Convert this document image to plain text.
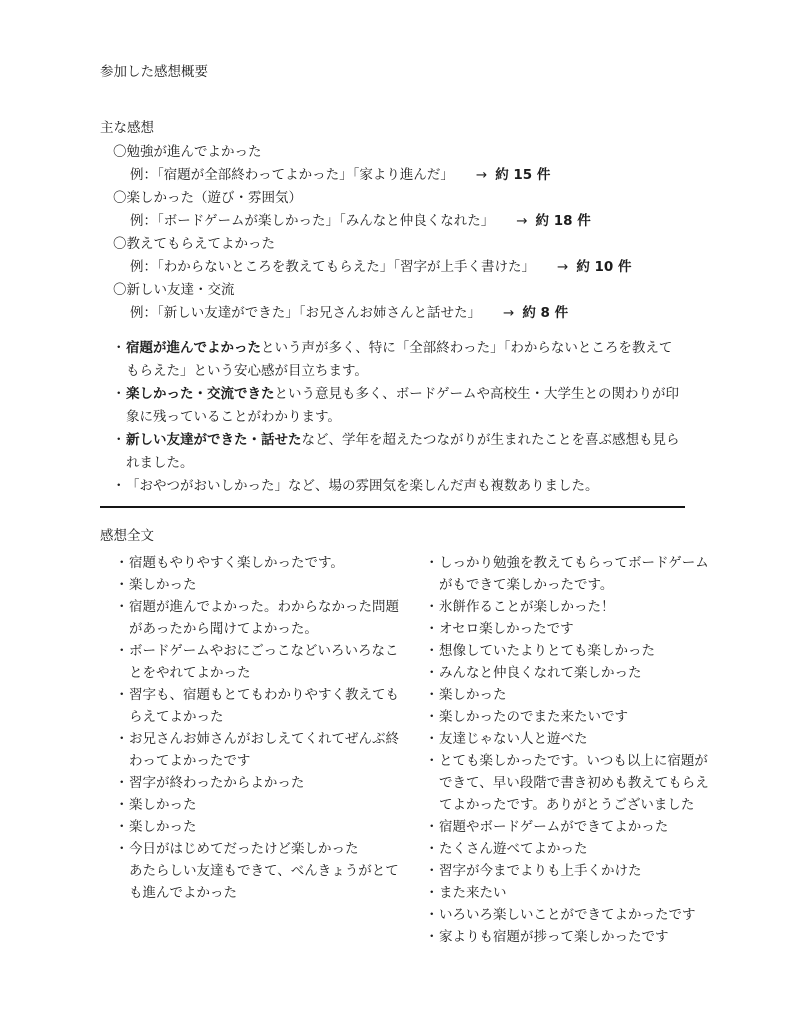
参加した感想概要
主な感想
〇勉強が進んでよかった
例：「宿題が全部終わってよかった」「家より進んだ」 → 約 15 件
〇楽しかった（遊び・雰囲気）
例：「ボードゲームが楽しかった」「みんなと仲良くなれた」 → 約 18 件
〇教えてもらえてよかった
例：「わからないところを教えてもらえた」「習字が上手く書けた」 → 約 10 件
〇新しい友達・交流
例：「新しい友達ができた」「お兄さんお姉さんと話せた」 → 約 8 件
・ 宿題が進んでよかったという声が多く、特に「全部終わった」「わからないところを教えてもらえた」という安心感が目立ちます。
・ 楽しかった・交流できたという意見も多く、ボードゲームや高校生・大学生との関わりが印象に残っていることがわかります。
・ 新しい友達ができた・話せたなど、学年を超えたつながりが生まれたことを喜ぶ感想も見られました。
・ 「おやつがおいしかった」など、場の雰囲気を楽しんだ声も複数ありました。
感想全文
・ 宿題もやりやすく楽しかったです。
・ 楽しかった
・ 宿題が進んでよかった。わからなかった問題があったから聞けてよかった。
・ ボードゲームやおにごっこなどいろいろなことをやれてよかった
・ 習字も、宿題もとてもわかりやすく教えてもらえてよかった
・ お兄さんお姉さんがおしえてくれてぜんぶ終わってよかったです
・ 習字が終わったからよかった
・ 楽しかった
・ 楽しかった
・ 今日がはじめてだったけど楽しかった
あたらしい友達もできて、べんきょうがとても進んでよかった
・ しっかり勉強を教えてもらってボードゲームがもできて楽しかったです。
・ 氷餅作ることが楽しかった！
・ オセロ楽しかったです
・ 想像していたよりとても楽しかった
・ みんなと仲良くなれて楽しかった
・ 楽しかった
・ 楽しかったのでまた来たいです
・ 友達じゃない人と遊べた
・ とても楽しかったです。いつも以上に宿題ができて、早い段階で書き初めも教えてもらえてよかったです。ありがとうございました
・ 宿題やボードゲームができてよかった
・ たくさん遊べてよかった
・ 習字が今までよりも上手くかけた
・ また来たい
・ いろいろ楽しいことができてよかったです
・ 家よりも宿題が捗って楽しかったです
